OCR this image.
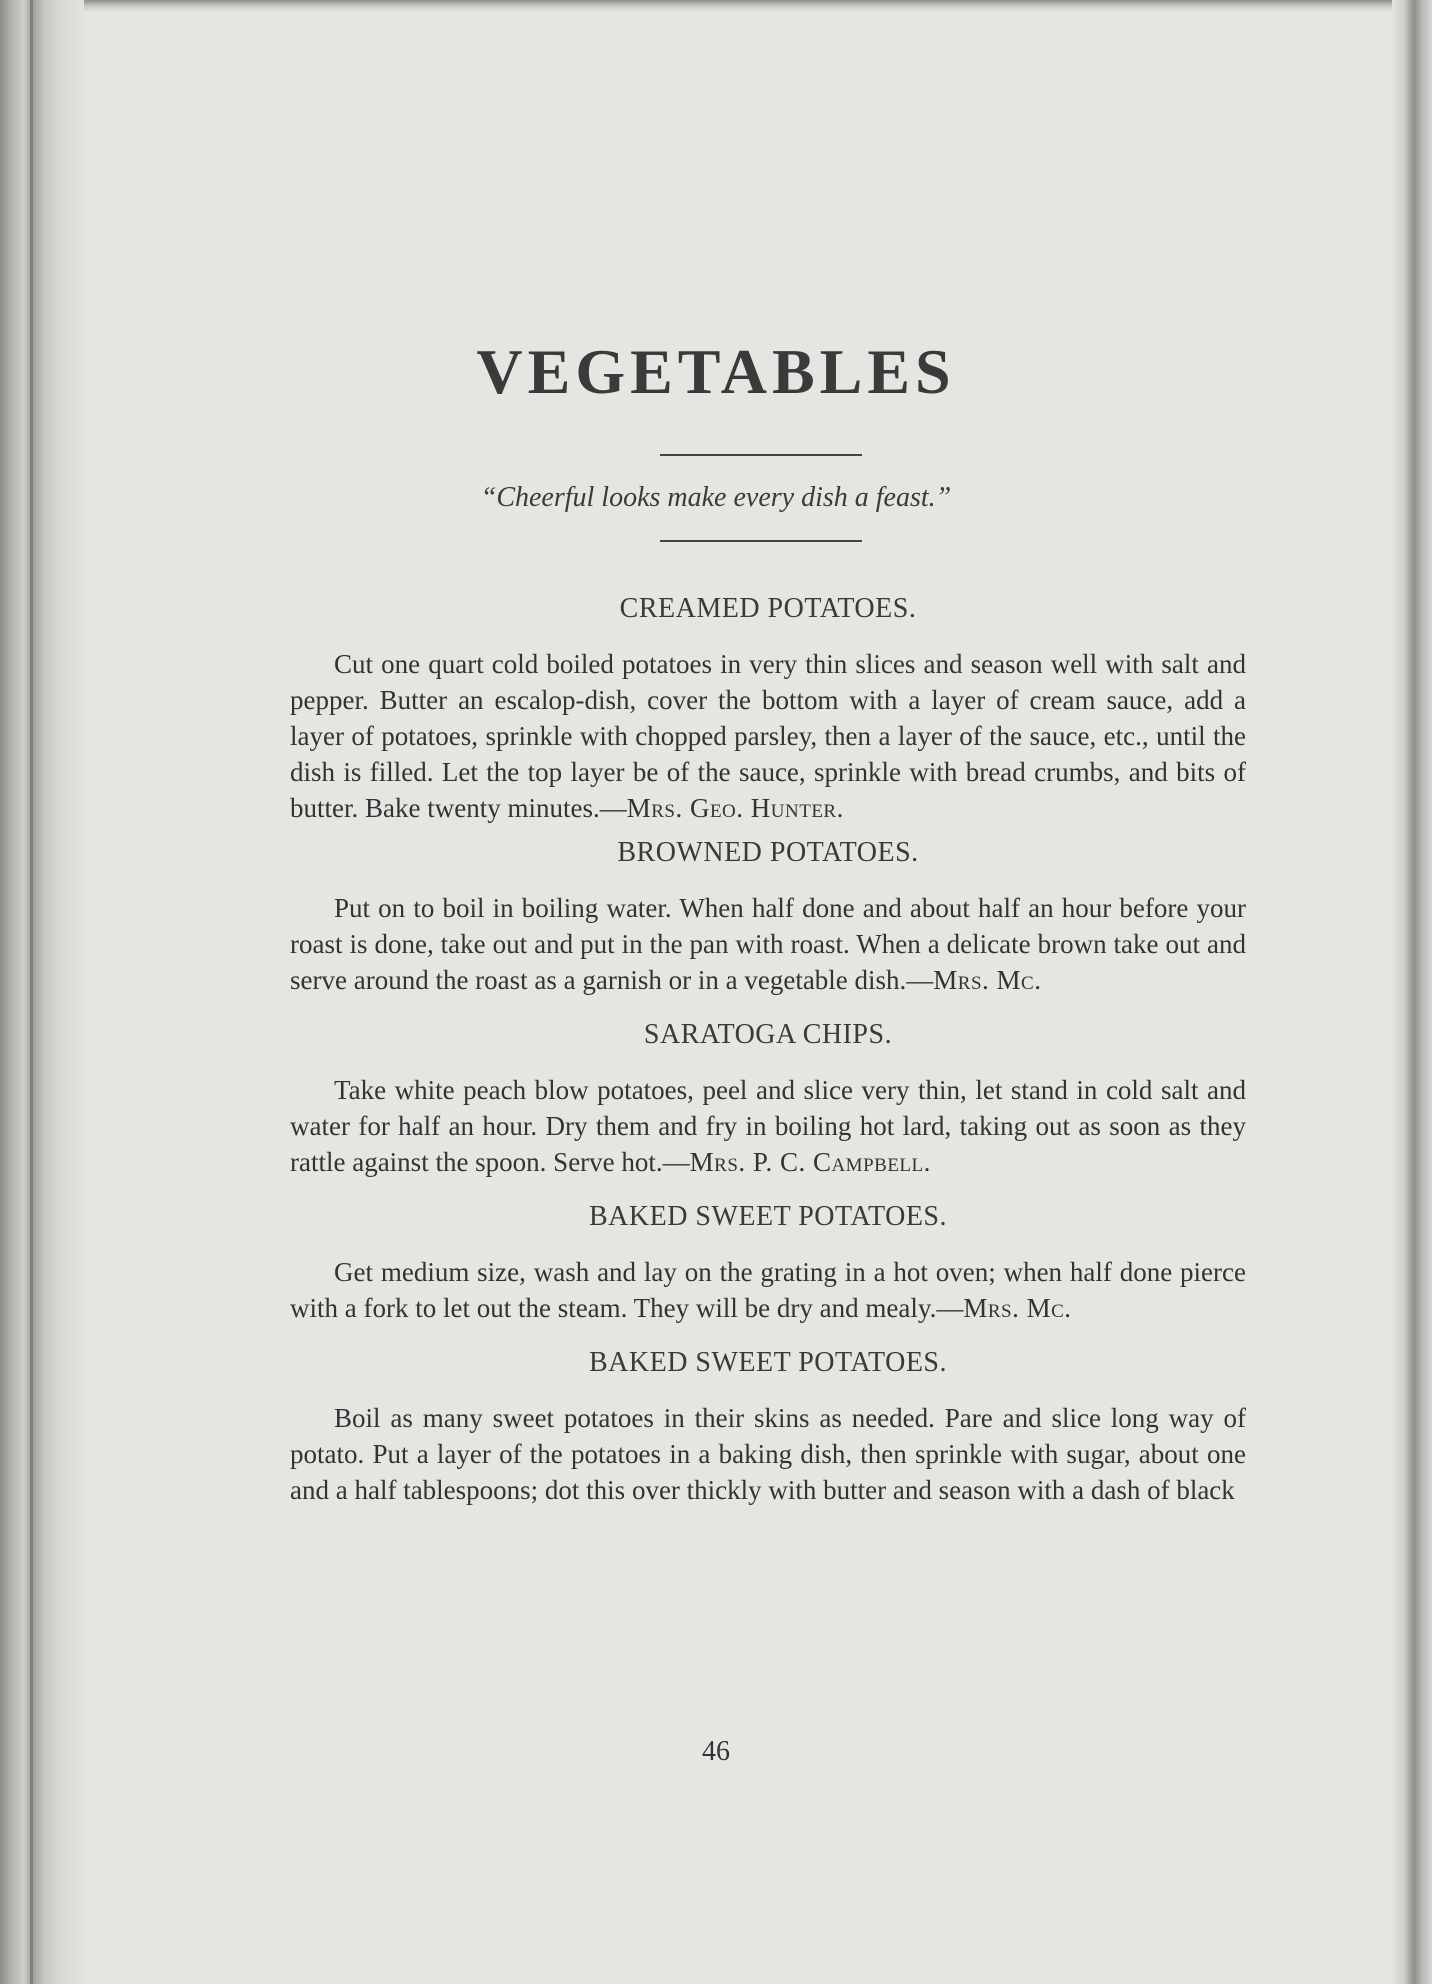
VEGETABLES
“Cheerful looks make every dish a feast.”
CREAMED POTATOES.

Cut one quart cold boiled potatoes in very thin slices and season well with salt and pepper. Butter an escalop-dish, cover the bottom with a layer of cream sauce, add a layer of potatoes, sprinkle with chopped parsley, then a layer of the sauce, etc., until the dish is filled. Let the top layer be of the sauce, sprinkle with bread crumbs, and bits of butter. Bake twenty minutes.—Mrs. Geo. Hunter.

BROWNED POTATOES.

Put on to boil in boiling water. When half done and about half an hour before your roast is done, take out and put in the pan with roast. When a delicate brown take out and serve around the roast as a garnish or in a vegetable dish.—Mrs. Mc.

SARATOGA CHIPS.

Take white peach blow potatoes, peel and slice very thin, let stand in cold salt and water for half an hour. Dry them and fry in boiling hot lard, taking out as soon as they rattle against the spoon. Serve hot.—Mrs. P. C. Campbell.

BAKED SWEET POTATOES.

Get medium size, wash and lay on the grating in a hot oven; when half done pierce with a fork to let out the steam. They will be dry and mealy.—Mrs. Mc.

BAKED SWEET POTATOES.

Boil as many sweet potatoes in their skins as needed. Pare and slice long way of potato. Put a layer of the potatoes in a baking dish, then sprinkle with sugar, about one and a half tablespoons; dot this over thickly with butter and season with a dash of black

46
